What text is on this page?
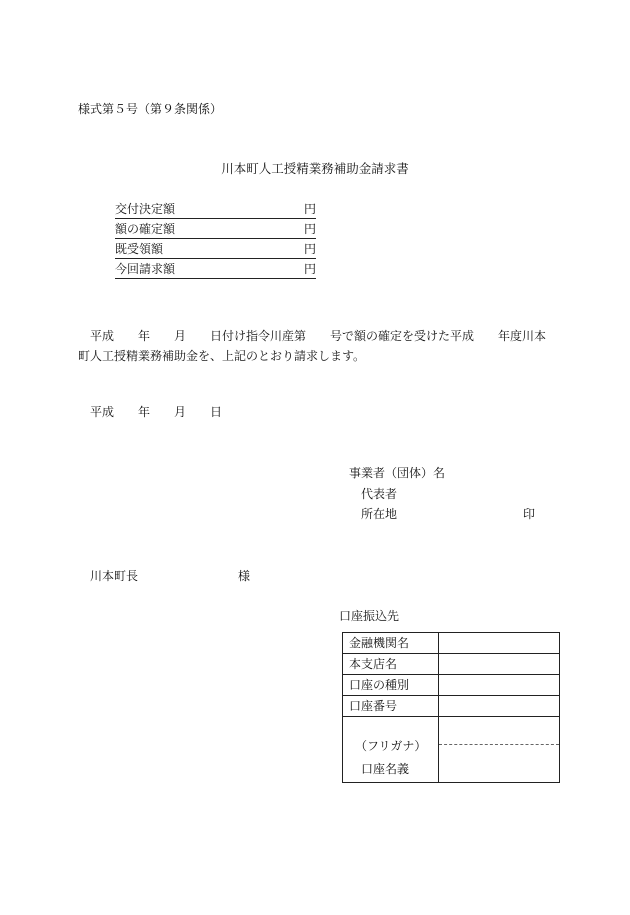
様式第５号（第９条関係）
川本町人工授精業務補助金請求書
交付決定額	円
額の確定額	円
既受領額	円
今回請求額	円
平成　　年　　月　　日付け指令川産第　　号で額の確定を受けた平成　　年度川本
町人工授精業務補助金を、上記のとおり請求します。
平成　　年　　月　　日
事業者（団体）名
代表者
所在地	印
川本町長	様
口座振込先
金融機関名
本支店名
口座の種別
口座番号
（フリガナ）
口座名義
